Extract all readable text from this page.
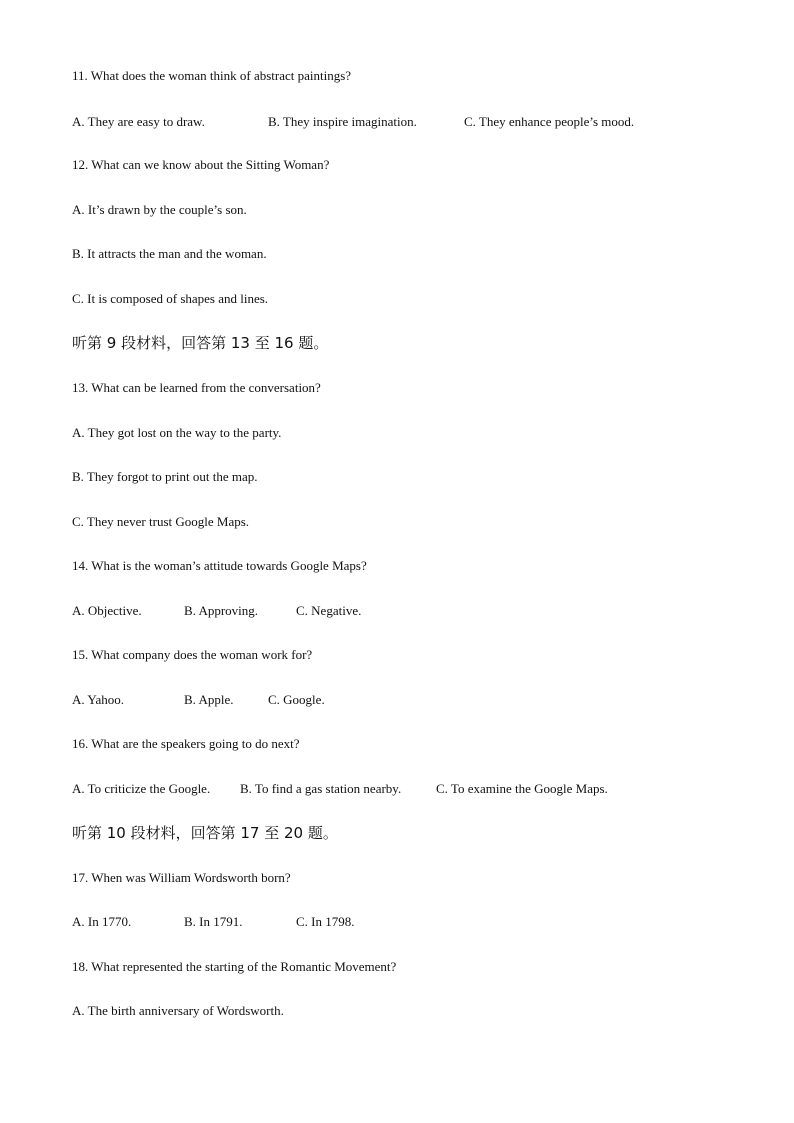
11. What does the woman think of abstract paintings?
A. They are easy to draw.	B. They inspire imagination.	C. They enhance people’s mood.
12. What can we know about the Sitting Woman?
A. It’s drawn by the couple’s son.
B. It attracts the man and the woman.
C. It is composed of shapes and lines.
听第 9 段材料，回答第 13 至 16 题。
13. What can be learned from the conversation?
A. They got lost on the way to the party.
B. They forgot to print out the map.
C. They never trust Google Maps.
14. What is the woman’s attitude towards Google Maps?
A. Objective.	B. Approving.	C. Negative.
15. What company does the woman work for?
A. Yahoo.	B. Apple.	C. Google.
16. What are the speakers going to do next?
A. To criticize the Google. B. To find a gas station nearby.	C. To examine the Google Maps.
听第 10 段材料，回答第 17 至 20 题。
17. When was William Wordsworth born?
A. In 1770.	B. In 1791.	C. In 1798.
18. What represented the starting of the Romantic Movement?
A. The birth anniversary of Wordsworth.
